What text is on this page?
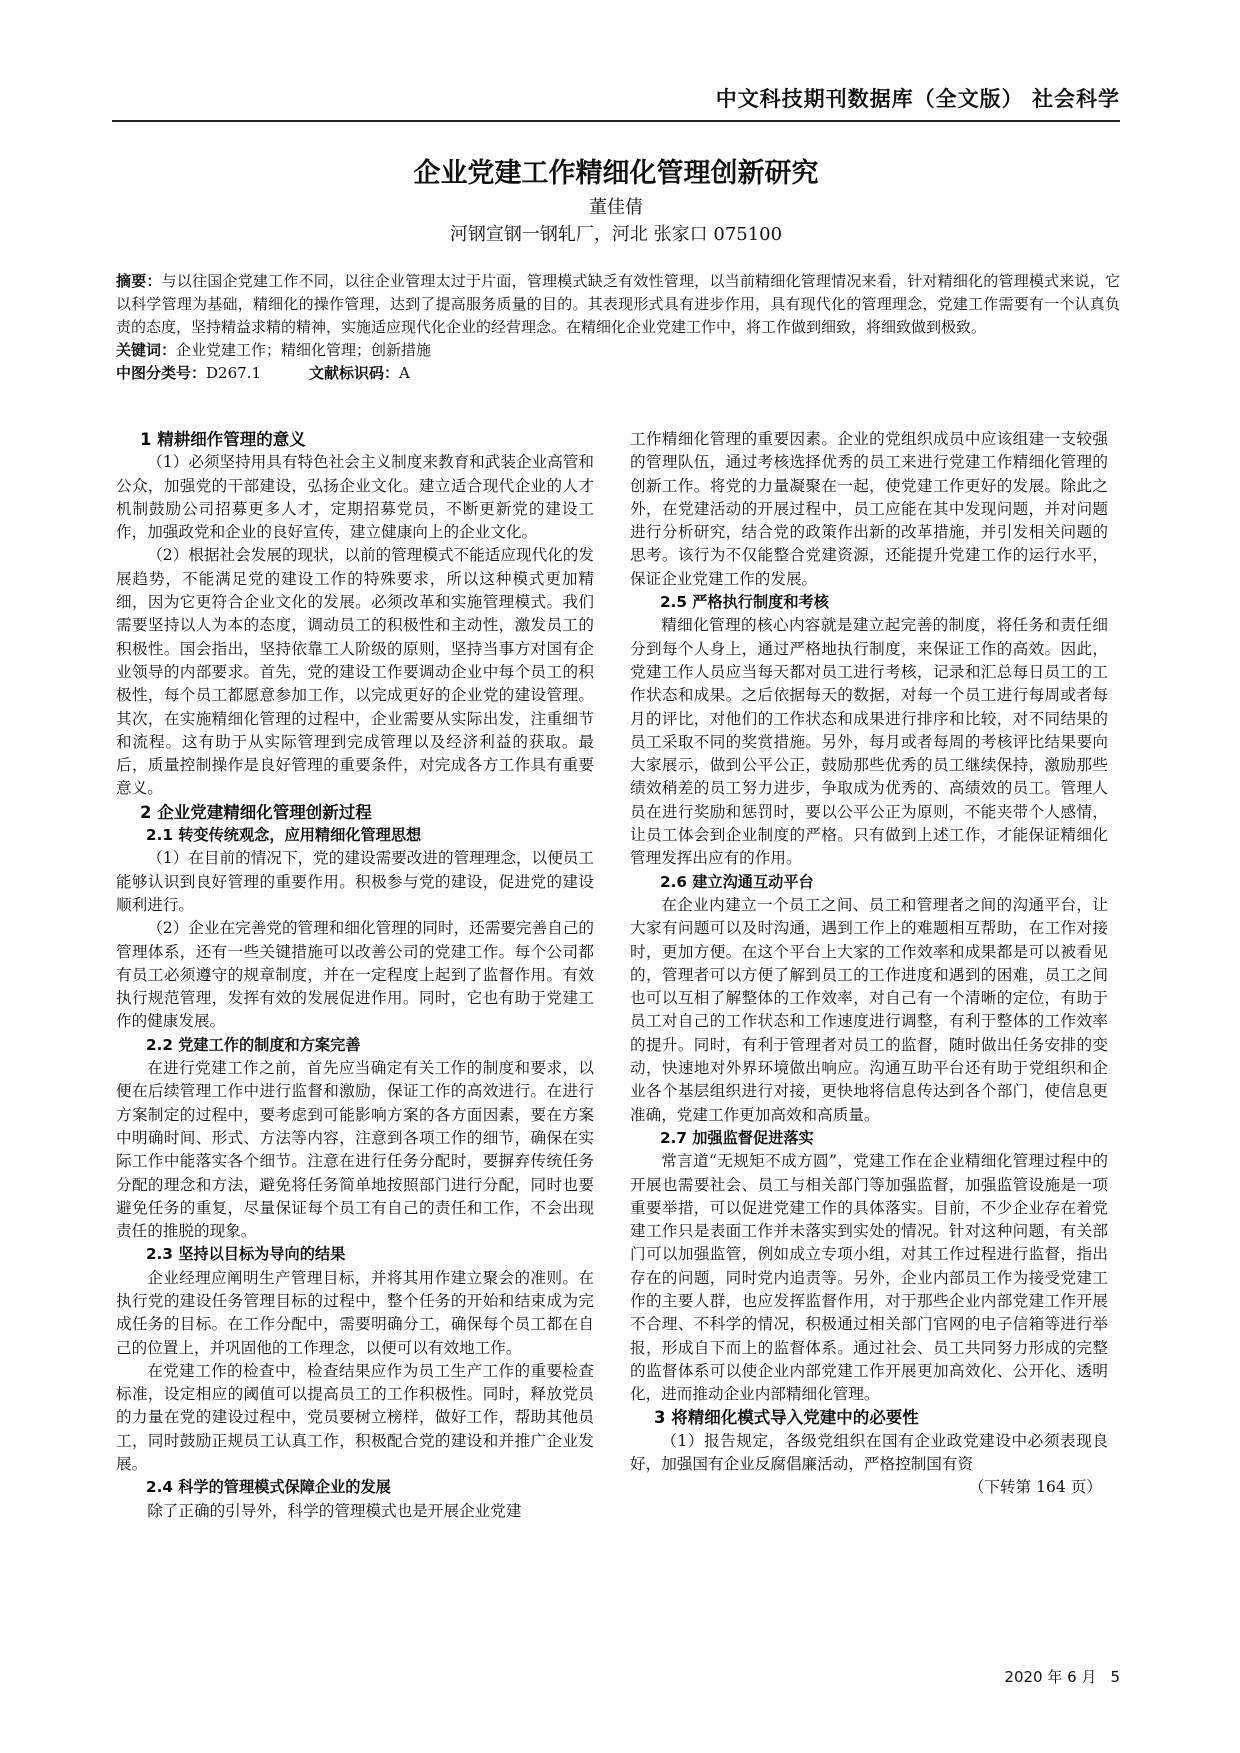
中文科技期刊数据库（全文版） 社会科学
企业党建工作精细化管理创新研究
董佳倩
河钢宣钢一钢轧厂，河北 张家口 075100

摘要：与以往国企党建工作不同，以往企业管理太过于片面，管理模式缺乏有效性管理，以当前精细化管理情况来看，针对精细化的管理模式来说，它以科学管理为基础，精细化的操作管理，达到了提高服务质量的目的。其表现形式具有进步作用，具有现代化的管理理念，党建工作需要有一个认真负责的态度，坚持精益求精的精神，实施适应现代化企业的经营理念。在精细化企业党建工作中，将工作做到细致，将细致做到极致。

关键词：企业党建工作；精细化管理；创新措施

中图分类号：D267.1	文献标识码：A

1 精耕细作管理的意义

（1）必须坚持用具有特色社会主义制度来教育和武装企业高管和公众，加强党的干部建设，弘扬企业文化。建立适合现代企业的人才机制鼓励公司招募更多人才，定期招募党员，不断更新党的建设工作，加强政党和企业的良好宣传，建立健康向上的企业文化。

（2）根据社会发展的现状，以前的管理模式不能适应现代化的发展趋势，不能满足党的建设工作的特殊要求，所以这种模式更加精细，因为它更符合企业文化的发展。必须改革和实施管理模式。我们需要坚持以人为本的态度，调动员工的积极性和主动性，激发员工的积极性。国会指出，坚持依靠工人阶级的原则，坚持当事方对国有企业领导的内部要求。首先，党的建设工作要调动企业中每个员工的积极性，每个员工都愿意参加工作，以完成更好的企业党的建设管理。其次，在实施精细化管理的过程中，企业需要从实际出发，注重细节和流程。这有助于从实际管理到完成管理以及经济利益的获取。最后，质量控制操作是良好管理的重要条件，对完成各方工作具有重要意义。

2 企业党建精细化管理创新过程
2.1 转变传统观念，应用精细化管理思想

（1）在目前的情况下，党的建设需要改进的管理理念，以便员工能够认识到良好管理的重要作用。积极参与党的建设，促进党的建设顺利进行。

（2）企业在完善党的管理和细化管理的同时，还需要完善自己的管理体系，还有一些关键措施可以改善公司的党建工作。每个公司都有员工必须遵守的规章制度，并在一定程度上起到了监督作用。有效执行规范管理，发挥有效的发展促进作用。同时，它也有助于党建工作的健康发展。

2.2 党建工作的制度和方案完善

在进行党建工作之前，首先应当确定有关工作的制度和要求，以便在后续管理工作中进行监督和激励，保证工作的高效进行。在进行方案制定的过程中，要考虑到可能影响方案的各方面因素，要在方案中明确时间、形式、方法等内容，注意到各项工作的细节，确保在实际工作中能落实各个细节。注意在进行任务分配时，要摒弃传统任务分配的理念和方法，避免将任务简单地按照部门进行分配，同时也要避免任务的重复，尽量保证每个员工有自己的责任和工作，不会出现责任的推脱的现象。

2.3 坚持以目标为导向的结果

企业经理应阐明生产管理目标，并将其用作建立聚会的准则。在执行党的建设任务管理目标的过程中，整个任务的开始和结束成为完成任务的目标。在工作分配中，需要明确分工，确保每个员工都在自己的位置上，并巩固他的工作理念，以便可以有效地工作。

在党建工作的检查中，检查结果应作为员工生产工作的重要检查标准，设定相应的阈值可以提高员工的工作积极性。同时，释放党员的力量在党的建设过程中，党员要树立榜样，做好工作，帮助其他员工，同时鼓励正规员工认真工作，积极配合党的建设和并推广企业发展。

2.4 科学的管理模式保障企业的发展

除了正确的引导外，科学的管理模式也是开展企业党建

工作精细化管理的重要因素。企业的党组织成员中应该组建一支较强的管理队伍，通过考核选择优秀的员工来进行党建工作精细化管理的创新工作。将党的力量凝聚在一起，使党建工作更好的发展。除此之外，在党建活动的开展过程中，员工应能在其中发现问题，并对问题进行分析研究，结合党的政策作出新的改革措施，并引发相关问题的思考。该行为不仅能整合党建资源，还能提升党建工作的运行水平，保证企业党建工作的发展。

2.5 严格执行制度和考核

精细化管理的核心内容就是建立起完善的制度，将任务和责任细分到每个人身上，通过严格地执行制度，来保证工作的高效。因此，党建工作人员应当每天都对员工进行考核，记录和汇总每日员工的工作状态和成果。之后依据每天的数据，对每一个员工进行每周或者每月的评比，对他们的工作状态和成果进行排序和比较，对不同结果的员工采取不同的奖赏措施。另外，每月或者每周的考核评比结果要向大家展示，做到公平公正，鼓励那些优秀的员工继续保持，激励那些绩效稍差的员工努力进步，争取成为优秀的、高绩效的员工。管理人员在进行奖励和惩罚时，要以公平公正为原则，不能夹带个人感情，让员工体会到企业制度的严格。只有做到上述工作，才能保证精细化管理发挥出应有的作用。

2.6 建立沟通互动平台

在企业内建立一个员工之间、员工和管理者之间的沟通平台，让大家有问题可以及时沟通，遇到工作上的难题相互帮助，在工作对接时，更加方便。在这个平台上大家的工作效率和成果都是可以被看见的，管理者可以方便了解到员工的工作进度和遇到的困难，员工之间也可以互相了解整体的工作效率，对自己有一个清晰的定位，有助于员工对自己的工作状态和工作速度进行调整，有利于整体的工作效率的提升。同时，有利于管理者对员工的监督，随时做出任务安排的变动，快速地对外界环境做出响应。沟通互助平台还有助于党组织和企业各个基层组织进行对接，更快地将信息传达到各个部门，使信息更准确，党建工作更加高效和高质量。

2.7 加强监督促进落实

常言道“无规矩不成方圆”，党建工作在企业精细化管理过程中的开展也需要社会、员工与相关部门等加强监督，加强监管设施是一项重要举措，可以促进党建工作的具体落实。目前，不少企业存在着党建工作只是表面工作并未落实到实处的情况。针对这种问题，有关部门可以加强监管，例如成立专项小组，对其工作过程进行监督，指出存在的问题，同时党内追责等。另外，企业内部员工作为接受党建工作的主要人群，也应发挥监督作用，对于那些企业内部党建工作开展不合理、不科学的情况，积极通过相关部门官网的电子信箱等进行举报，形成自下而上的监督体系。通过社会、员工共同努力形成的完整的监督体系可以使企业内部党建工作开展更加高效化、公开化、透明化，进而推动企业内部精细化管理。

3 将精细化模式导入党建中的必要性

（1）报告规定，各级党组织在国有企业政党建设中必须表现良好，加强国有企业反腐倡廉活动，严格控制国有资

（下转第 164 页）

2020 年 6 月 5
